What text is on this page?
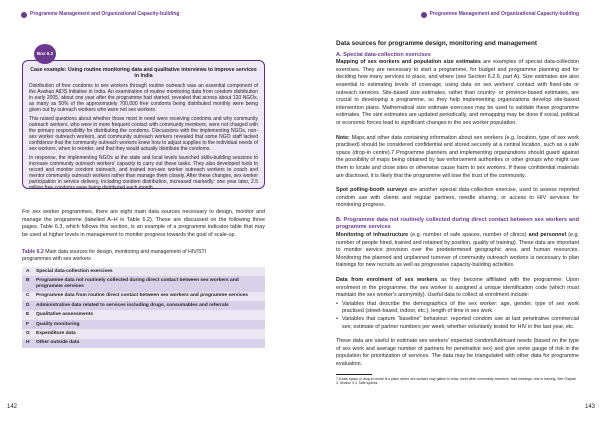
Programme Management and Organizational Capacity-building
Box 6.2
Case example: Using routine monitoring data and qualitative interviews to improve services in India

Distribution of free condoms to sex workers through routine outreach was an essential component of the Avahan AIDS Initiative in India. An examination of routine monitoring data from condom distribution in early 2005, about one year after the programme had started, revealed that across about 120 NGOs, as many as 50% of the approximately 700,000 free condoms being distributed monthly were being given out by outreach workers who were not sex workers.

This raised questions about whether those most in need were receiving condoms and why community outreach workers, who were in more frequent contact with community members, were not charged with the primary responsibility for distributing the condoms. Discussions with the implementing NGOs, non-sex worker outreach workers, and community outreach workers revealed that some NGO staff lacked confidence that the community outreach workers knew how to adjust supplies to the individual needs of sex workers, when to reorder, and that they would actually distribute the condoms.

In response, the implementing NGOs at the state and local levels launched skills-building sessions to increase community outreach workers' capacity to carry out these tasks. They also developed tools to record and monitor condom outreach, and trained non-sex worker outreach workers to coach and mentor community outreach workers rather than manage them closely. After these changes, sex worker participation in service delivery, including condom distribution, increased markedly: one year later, 2.5 million free condoms were being distributed each month.

For sex worker programmes, there are eight main data sources necessary to design, monitor and manage the programme (labelled A–H in Table 6.2). These are discussed on the following three pages. Table 6.3, which follows this section, is an example of a programme indicator table that may be used at higher levels in management to monitor progress towards the goal of scale-up.
Table 6.2 Main data sources for design, monitoring and management of HIV/STI programmes with sex workers
A	Special data-collection exercises
B	Programme data not routinely collected during direct contact between sex workers and programme services
C	Programme data from routine direct contact between sex workers and programme services
D	Administrative data related to services including drugs, consumables and referrals
E	Qualitative assessments
F	Quality monitoring
G	Expenditure data
H	Other outside data
142
Programme Management and Organizational Capacity-building
Data sources for programme design, monitoring and management
A. Special data-collection exercises

Mapping of sex workers and population size estimates are examples of special data-collection exercises. They are necessary to start a programme, for budget and programme planning and for deciding how many services to place, and where (see Section 6.2.6, part A). Size estimates are also essential to estimating levels of coverage, using data on sex workers' contact with fixed-site or outreach services. Site-based size estimates, rather than country- or province-based estimates, are crucial to developing a programme, so they help implementing organizations develop site-based intervention plans. Mathematical size estimate exercises may be used to validate these programme estimates. The size estimates are updated periodically, and remapping may be done if social, political or economic forces lead to significant changes in the sex worker population.

Note: Maps and other data containing information about sex workers (e.g. location, type of sex work practised) should be considered confidential and stored securely at a central location, such as a safe space (drop-in centre).7 Programme planners and implementing organizations should guard against the possibility of maps being obtained by law enforcement authorities or other groups who might use them to locate and close sites or otherwise cause harm to sex workers. If these confidential materials are disclosed, it is likely that the programme will lose the trust of the community.

Spot polling-booth surveys are another special data-collection exercise, used to assess reported condom use with clients and regular partners, needle sharing, or access to HIV services for monitoring progress.

B. Programme data not routinely collected during direct contact between sex workers and programme services

Monitoring of infrastructure (e.g. number of safe spaces, number of clinics) and personnel (e.g. number of people hired, trained and retained by position, quality of training). These data are important to monitor service provision over the predetermined geographic area, and human resources. Monitoring the planned and unplanned turnover of community outreach workers is necessary to plan trainings for new recruits as well as progressive capacity-building activities.

Data from enrolment of sex workers as they become affiliated with the programme: Upon enrolment in the programme, the sex worker is assigned a unique identification code (which must maintain the sex worker's anonymity). Useful data to collect at enrolment include:

• Variables that describe the demographics of the sex worker: age, gender, type of sex work practised (street-based, indoor, etc.), length of time in sex work.
• Variables that capture “baseline” behaviour: reported condom use at last penetrative commercial sex; estimate of partner numbers per week; whether voluntarily tested for HIV in the last year, etc.

These data are useful to estimate sex workers' expected condom/lubricant needs (based on the type of sex work and average number of partners for penetrative sex) and give some gauge of risk in the population for prioritization of services. The data may be triangulated with other data for programme evaluation.

7 A safe space or drop-in centre is a place where sex workers may gather to relax, meet other community members, hold meetings, rest or training. See Chapter 3, Section 3.3, Safe spaces.
143
